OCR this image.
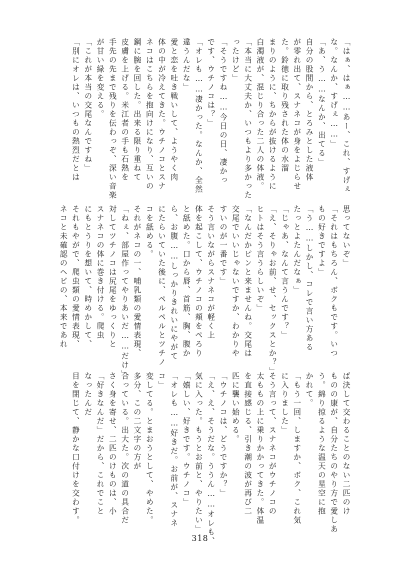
「はぁ、はぁ……あー、これ、すげぇ
な。なんか、すげぇ……」
「あ、う……なんか、出てる」
自分の股間から、とろみとした液体
が零れ出て、スナネコが身をよじらせ
た。鈴徳に取り残された体の水溜
まりのように、ちからが抜けるように
白濁液が、混じり合った二人の体液。
「本当に大丈夫か、いつもより多かった
ったけど」
「そうですね……今日の日、凄かっ
です、ウチノコは？」
「オレも……凄かった。なんか、全然
違うんだな」
愛と恋を吐き戦いして、ようやく肉
体の中が冷えてきた。ウチノコとスナ
ネコはこちらを抱向けになり、互いの
鋼に腕を回した。出来る限り重ねて
皮膚を上げる。米江者の手も石熱を
手先の先まで残りを伝わっぞ、深い音楽
が甘い緑を変える。
「これが本当の交尾なんですね」
「別にオレは、いつもの熱烈だとは
思ってないぞ」
「それはもちろん、ボクもです。いつ
もの好きですよ」
「う……しかし、コレで言い方ある
たっとよたんだなぁ」
「じゃあ、なんて言うんです？」
「え、そりゃお前、せ、セックスとか？」
ヒトはそう言うらしいぞ」
「なんだかピンと来ませんね。交尾は
交尾でいいじゃないですか、わかりや
すいのが一番です」
そう言いながらスナネコが軽く上
体を起こして、ウチノコの頬をぺろり
と舐めた。口から唇、首筋、胸、腹か
ら、お腹……しっかりきれいにやがて
にたらいていた後に、ペルペルとツチノ
コを舐める。
それがネコの一、哺乳類の愛情表現、
「ねぇ、部屋作ってやりあいだ……だけ」
対してツチノコは尻尾をゆっくりと
スナネコの体に巻き付ける。爬虫
にもとうりを想いて、時めかして、
それもやがで、爬虫類の愛情表現、
ネコと未確認のヘビの、本来であれ
ば決して交わることのない二匹のけ
ものの康が、自分たちのやり方で愛しあ
う。綿り掠るような温天の星空に抱
かれて。
「もう一回、しますか、ボク、これ気
に入りました」
そう言って、スナネコがウチノコの
太ももの上に乗りかかってきた。体温
を直接感じる、引き潮の波が再び二
匹に襲い始める。
「ウチノコは、どうですか？」
「え、え、そうだな。ううん……オレも、
気に入った。もうとお前と、やりたい」
「嬉しい、好きです。ウチノコ」
「オレも……好きだ。お前が、スナネ
コ」
変してる。とまおうとして、やめた。
多分、この二文字の方が
合っている。出大た。次の道の具合だ
さく身を寄せ、二匹のけものは、小
「好きなんだ」だから、これでこと
なったんだ
目を閉じて、静かな口付けを交わす。
318
